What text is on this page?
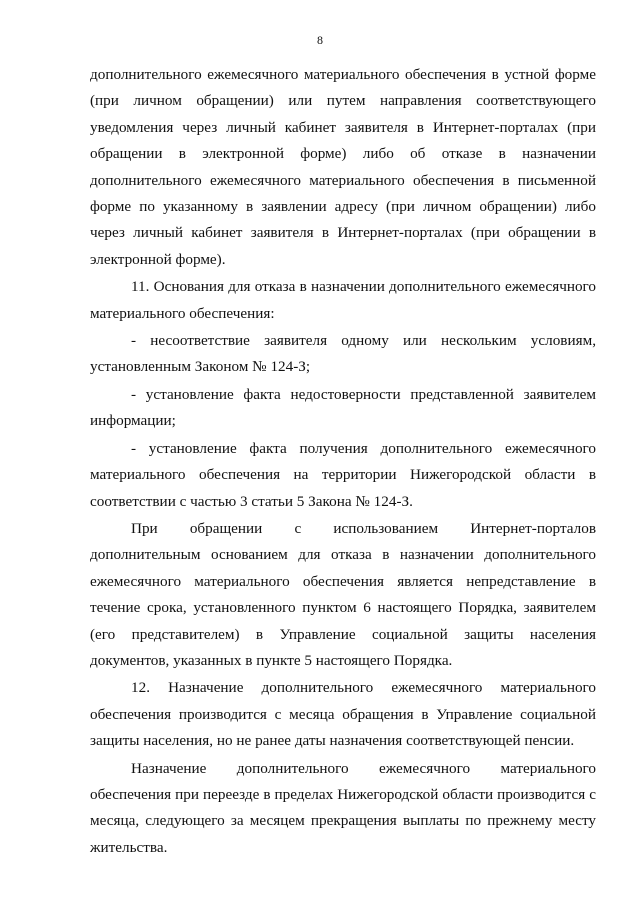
8

дополнительного ежемесячного материального обеспечения в устной форме (при личном обращении) или путем направления соответствующего уведомления через личный кабинет заявителя в Интернет-порталах (при обращении в электронной форме) либо об отказе в назначении дополнительного ежемесячного материального обеспечения в письменной форме по указанному в заявлении адресу (при личном обращении) либо через личный кабинет заявителя в Интернет-порталах (при обращении в электронной форме).

11. Основания для отказа в назначении дополнительного ежемесячного материального обеспечения:

- несоответствие заявителя одному или нескольким условиям, установленным Законом № 124-З;

- установление факта недостоверности представленной заявителем информации;

- установление факта получения дополнительного ежемесячного материального обеспечения на территории Нижегородской области в соответствии с частью 3 статьи 5 Закона № 124-З.

При обращении с использованием Интернет-порталов дополнительным основанием для отказа в назначении дополнительного ежемесячного материального обеспечения является непредставление в течение срока, установленного пунктом 6 настоящего Порядка, заявителем (его представителем) в Управление социальной защиты населения документов, указанных в пункте 5 настоящего Порядка.

12. Назначение дополнительного ежемесячного материального обеспечения производится с месяца обращения в Управление социальной защиты населения, но не ранее даты назначения соответствующей пенсии.

Назначение дополнительного ежемесячного материального обеспечения при переезде в пределах Нижегородской области производится с месяца, следующего за месяцем прекращения выплаты по прежнему месту жительства.
